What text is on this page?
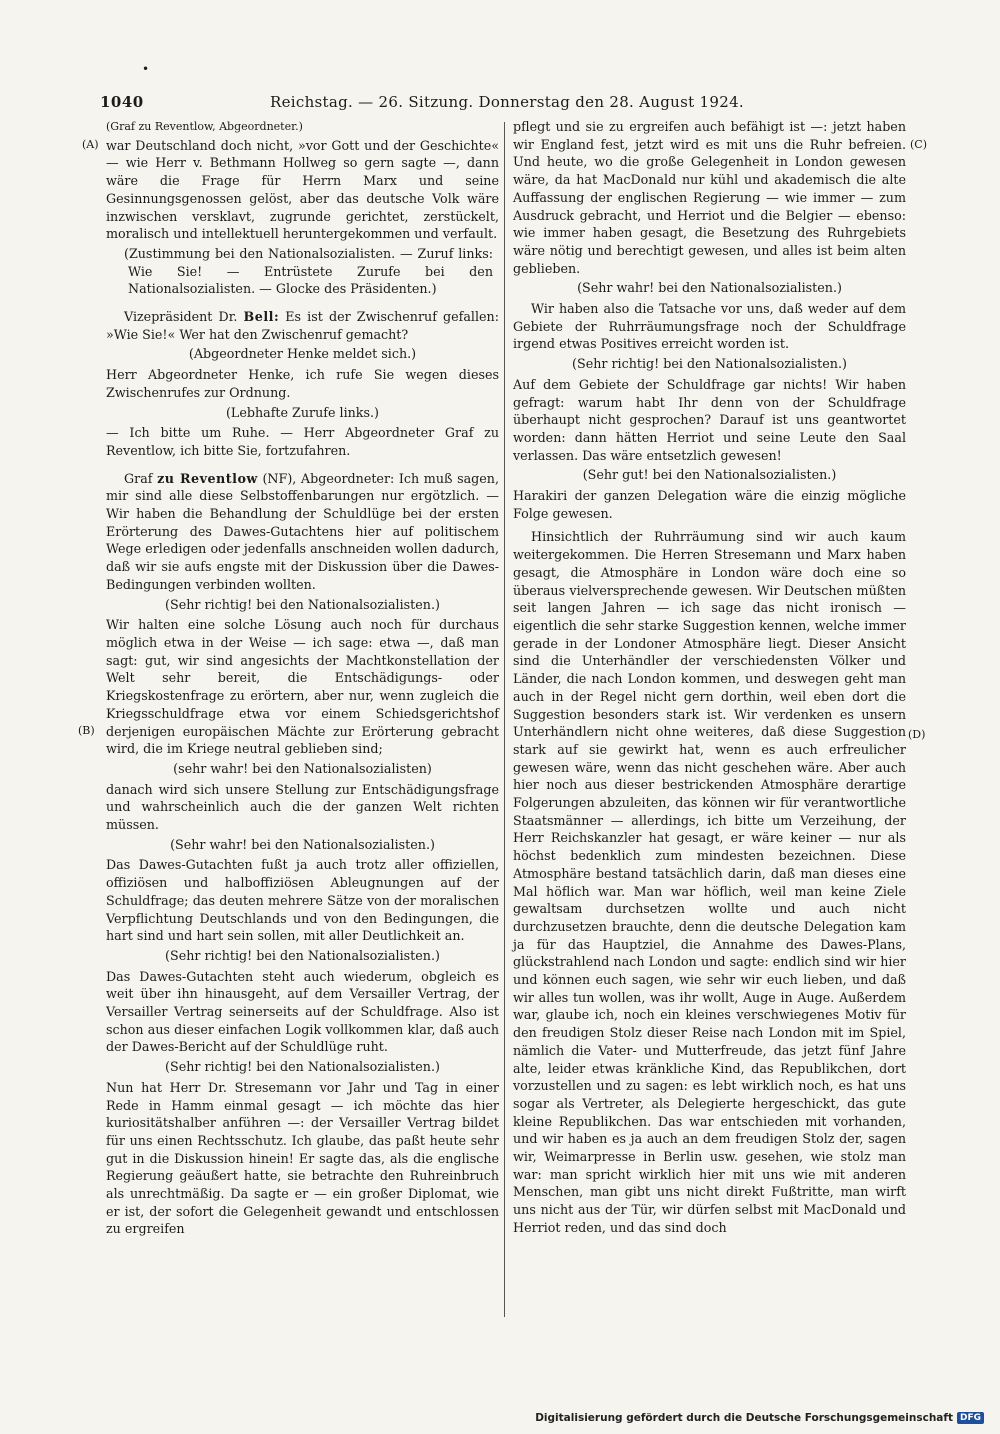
•
1040	Reichstag. — 26. Sitzung. Donnerstag den 28. August 1924.
(A)
(B)
(C)
(D)

(Graf zu Reventlow, Abgeordneter.)

war Deutschland doch nicht, »vor Gott und der Geschichte« — wie Herr v. Bethmann Hollweg so gern sagte —, dann wäre die Frage für Herrn Marx und seine Gesinnungsgenossen gelöst, aber das deutsche Volk wäre inzwischen versklavt, zugrunde gerichtet, zerstückelt, moralisch und intellektuell heruntergekommen und verfault.

(Zustimmung bei den Nationalsozialisten. — Zuruf links: Wie Sie! — Entrüstete Zurufe bei den Nationalsozialisten. — Glocke des Präsidenten.)

Vizepräsident Dr. Bell: Es ist der Zwischenruf gefallen: »Wie Sie!« Wer hat den Zwischenruf gemacht?

(Abgeordneter Henke meldet sich.)

Herr Abgeordneter Henke, ich rufe Sie wegen dieses Zwischenrufes zur Ordnung.

(Lebhafte Zurufe links.)

— Ich bitte um Ruhe. — Herr Abgeordneter Graf zu Reventlow, ich bitte Sie, fortzufahren.

Graf zu Reventlow (NF), Abgeordneter: Ich muß sagen, mir sind alle diese Selbstoffenbarungen nur ergötzlich. — Wir haben die Behandlung der Schuldlüge bei der ersten Erörterung des Dawes-Gutachtens hier auf politischem Wege erledigen oder jedenfalls anschneiden wollen dadurch, daß wir sie aufs engste mit der Diskussion über die Dawes-Bedingungen verbinden wollten.

(Sehr richtig! bei den Nationalsozialisten.)

Wir halten eine solche Lösung auch noch für durchaus möglich etwa in der Weise — ich sage: etwa —, daß man sagt: gut, wir sind angesichts der Machtkonstellation der Welt sehr bereit, die Entschädigungs- oder Kriegskostenfrage zu erörtern, aber nur, wenn zugleich die Kriegsschuldfrage etwa vor einem Schiedsgerichtshof derjenigen europäischen Mächte zur Erörterung gebracht wird, die im Kriege neutral geblieben sind;

(sehr wahr! bei den Nationalsozialisten)

danach wird sich unsere Stellung zur Entschädigungsfrage und wahrscheinlich auch die der ganzen Welt richten müssen.

(Sehr wahr! bei den Nationalsozialisten.)

Das Dawes-Gutachten fußt ja auch trotz aller offiziellen, offiziösen und halboffiziösen Ableugnungen auf der Schuldfrage; das deuten mehrere Sätze von der moralischen Verpflichtung Deutschlands und von den Bedingungen, die hart sind und hart sein sollen, mit aller Deutlichkeit an.

(Sehr richtig! bei den Nationalsozialisten.)

Das Dawes-Gutachten steht auch wiederum, obgleich es weit über ihn hinausgeht, auf dem Versailler Vertrag, der Versailler Vertrag seinerseits auf der Schuldfrage. Also ist schon aus dieser einfachen Logik vollkommen klar, daß auch der Dawes-Bericht auf der Schuldlüge ruht.

(Sehr richtig! bei den Nationalsozialisten.)

Nun hat Herr Dr. Stresemann vor Jahr und Tag in einer Rede in Hamm einmal gesagt — ich möchte das hier kuriositätshalber anführen —: der Versailler Vertrag bildet für uns einen Rechtsschutz. Ich glaube, das paßt heute sehr gut in die Diskussion hinein! Er sagte das, als die englische Regierung geäußert hatte, sie betrachte den Ruhreinbruch als unrechtmäßig. Da sagte er — ein großer Diplomat, wie er ist, der sofort die Gelegenheit gewandt und entschlossen zu ergreifen

pflegt und sie zu ergreifen auch befähigt ist —: jetzt haben wir England fest, jetzt wird es mit uns die Ruhr befreien. Und heute, wo die große Gelegenheit in London gewesen wäre, da hat MacDonald nur kühl und akademisch die alte Auffassung der englischen Regierung — wie immer — zum Ausdruck gebracht, und Herriot und die Belgier — ebenso: wie immer haben gesagt, die Besetzung des Ruhrgebiets wäre nötig und berechtigt gewesen, und alles ist beim alten geblieben.

(Sehr wahr! bei den Nationalsozialisten.)

Wir haben also die Tatsache vor uns, daß weder auf dem Gebiete der Ruhrräumungsfrage noch der Schuldfrage irgend etwas Positives erreicht worden ist.

(Sehr richtig! bei den Nationalsozialisten.)

Auf dem Gebiete der Schuldfrage gar nichts! Wir haben gefragt: warum habt Ihr denn von der Schuldfrage überhaupt nicht gesprochen? Darauf ist uns geantwortet worden: dann hätten Herriot und seine Leute den Saal verlassen. Das wäre entsetzlich gewesen!

(Sehr gut! bei den Nationalsozialisten.)

Harakiri der ganzen Delegation wäre die einzig mögliche Folge gewesen.

Hinsichtlich der Ruhrräumung sind wir auch kaum weitergekommen. Die Herren Stresemann und Marx haben gesagt, die Atmosphäre in London wäre doch eine so überaus vielversprechende gewesen. Wir Deutschen müßten seit langen Jahren — ich sage das nicht ironisch — eigentlich die sehr starke Suggestion kennen, welche immer gerade in der Londoner Atmosphäre liegt. Dieser Ansicht sind die Unterhändler der verschiedensten Völker und Länder, die nach London kommen, und deswegen geht man auch in der Regel nicht gern dorthin, weil eben dort die Suggestion besonders stark ist. Wir verdenken es unsern Unterhändlern nicht ohne weiteres, daß diese Suggestion stark auf sie gewirkt hat, wenn es auch erfreulicher gewesen wäre, wenn das nicht geschehen wäre. Aber auch hier noch aus dieser bestrickenden Atmosphäre derartige Folgerungen abzuleiten, das können wir für verantwortliche Staatsmänner — allerdings, ich bitte um Verzeihung, der Herr Reichskanzler hat gesagt, er wäre keiner — nur als höchst bedenklich zum mindesten bezeichnen. Diese Atmosphäre bestand tatsächlich darin, daß man dieses eine Mal höflich war. Man war höflich, weil man keine Ziele gewaltsam durchsetzen wollte und auch nicht durchzusetzen brauchte, denn die deutsche Delegation kam ja für das Hauptziel, die Annahme des Dawes-Plans, glückstrahlend nach London und sagte: endlich sind wir hier und können euch sagen, wie sehr wir euch lieben, und daß wir alles tun wollen, was ihr wollt, Auge in Auge. Außerdem war, glaube ich, noch ein kleines verschwiegenes Motiv für den freudigen Stolz dieser Reise nach London mit im Spiel, nämlich die Vater- und Mutterfreude, das jetzt fünf Jahre alte, leider etwas kränkliche Kind, das Republikchen, dort vorzustellen und zu sagen: es lebt wirklich noch, es hat uns sogar als Vertreter, als Delegierte hergeschickt, das gute kleine Republikchen. Das war entschieden mit vorhanden, und wir haben es ja auch an dem freudigen Stolz der, sagen wir, Weimarpresse in Berlin usw. gesehen, wie stolz man war: man spricht wirklich hier mit uns wie mit anderen Menschen, man gibt uns nicht direkt Fußtritte, man wirft uns nicht aus der Tür, wir dürfen selbst mit MacDonald und Herriot reden, und das sind doch

Digitalisierung gefördert durch die Deutsche Forschungsgemeinschaft DFG
